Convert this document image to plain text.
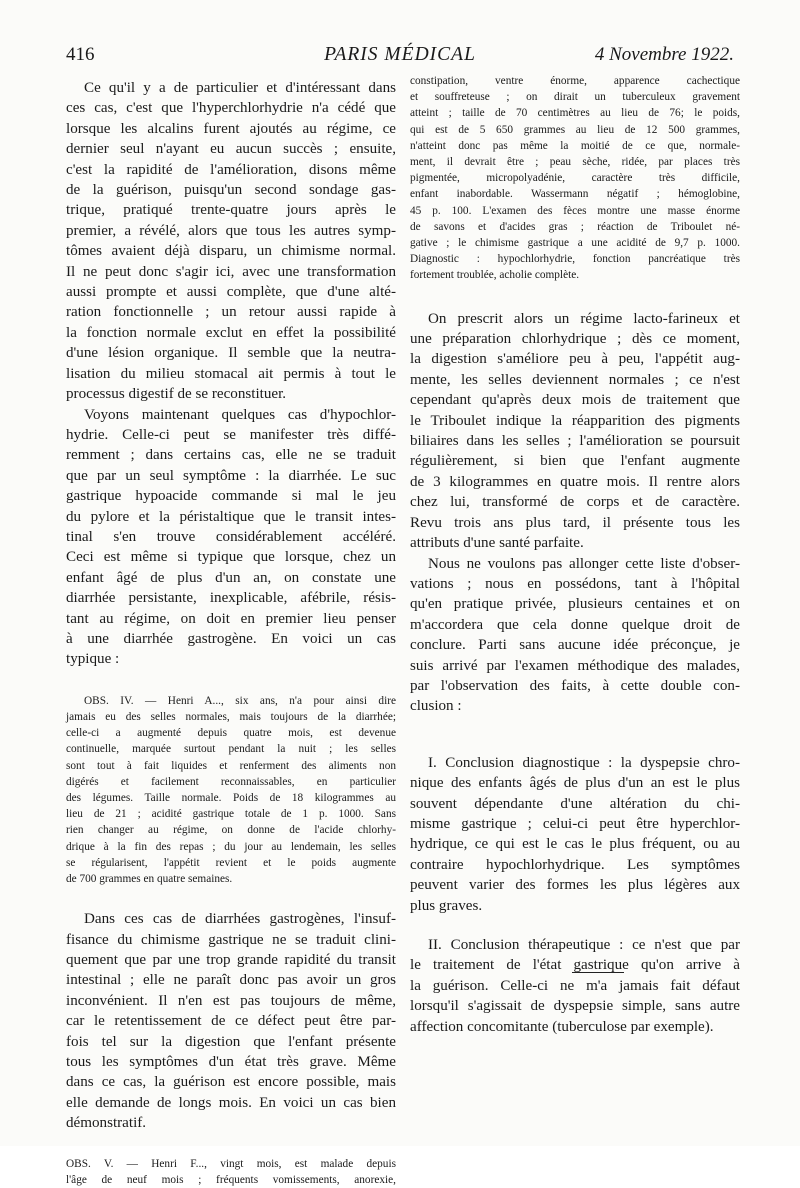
416	PARIS MÉDICAL	4 Novembre 1922.
Ce qu'il y a de particulier et d'intéressant dans
ces cas, c'est que l'hyperchlorhydrie n'a cédé que
lorsque les alcalins furent ajoutés au régime, ce
dernier seul n'ayant eu aucun succès ; ensuite,
c'est la rapidité de l'amélioration, disons même
de la guérison, puisqu'un second sondage gas-
trique, pratiqué trente-quatre jours après le
premier, a révélé, alors que tous les autres symp-
tômes avaient déjà disparu, un chimisme normal.
Il ne peut donc s'agir ici, avec une transformation
aussi prompte et aussi complète, que d'une alté-
ration fonctionnelle ; un retour aussi rapide à
la fonction normale exclut en effet la possibilité
d'une lésion organique. Il semble que la neutra-
lisation du milieu stomacal ait permis à tout le
processus digestif de se reconstituer.
Voyons maintenant quelques cas d'hypochlor-
hydrie. Celle-ci peut se manifester très diffé-
remment ; dans certains cas, elle ne se traduit
que par un seul symptôme : la diarrhée. Le suc
gastrique hypoacide commande si mal le jeu
du pylore et la péristaltique que le transit intes-
tinal s'en trouve considérablement accéléré.
Ceci est même si typique que lorsque, chez un
enfant âgé de plus d'un an, on constate une
diarrhée persistante, inexplicable, afébrile, résis-
tant au régime, on doit en premier lieu penser
à une diarrhée gastrogène. En voici un cas
typique :
OBS. IV. — Henri A..., six ans, n'a pour ainsi dire
jamais eu des selles normales, mais toujours de la diarrhée;
celle-ci a augmenté depuis quatre mois, est devenue
continuelle, marquée surtout pendant la nuit ; les selles
sont tout à fait liquides et renferment des aliments non
digérés et facilement reconnaissables, en particulier
des légumes. Taille normale. Poids de 18 kilogrammes au
lieu de 21 ; acidité gastrique totale de 1 p. 1000. Sans
rien changer au régime, on donne de l'acide chlorhy-
drique à la fin des repas ; du jour au lendemain, les selles
se régularisent, l'appétit revient et le poids augmente
de 700 grammes en quatre semaines.
Dans ces cas de diarrhées gastrogènes, l'insuf-
fisance du chimisme gastrique ne se traduit clini-
quement que par une trop grande rapidité du transit
intestinal ; elle ne paraît donc pas avoir un gros
inconvénient. Il n'en est pas toujours de même,
car le retentissement de ce défect peut être par-
fois tel sur la digestion que l'enfant présente
tous les symptômes d'un état très grave. Même
dans ce cas, la guérison est encore possible, mais
elle demande de longs mois. En voici un cas bien
démonstratif.
OBS. V. — Henri F..., vingt mois, est malade depuis
l'âge de neuf mois ; fréquents vomissements, anorexie,
constipation, ventre énorme, apparence cachectique
et souffreteuse ; on dirait un tuberculeux gravement
atteint ; taille de 70 centimètres au lieu de 76; le poids,
qui est de 5 650 grammes au lieu de 12 500 grammes,
n'atteint donc pas même la moitié de ce que, normale-
ment, il devrait être ; peau sèche, ridée, par places très
pigmentée, micropolyadénie, caractère très difficile,
enfant inabordable. Wassermann négatif ; hémoglobine,
45 p. 100. L'examen des fèces montre une masse énorme
de savons et d'acides gras ; réaction de Triboulet né-
gative ; le chimisme gastrique a une acidité de 9,7 p. 1000.
Diagnostic : hypochlorhydrie, fonction pancréatique très
fortement troublée, acholie complète.
On prescrit alors un régime lacto-farineux et
une préparation chlorhydrique ; dès ce moment,
la digestion s'améliore peu à peu, l'appétit aug-
mente, les selles deviennent normales ; ce n'est
cependant qu'après deux mois de traitement que
le Triboulet indique la réapparition des pigments
biliaires dans les selles ; l'amélioration se poursuit
régulièrement, si bien que l'enfant augmente
de 3 kilogrammes en quatre mois. Il rentre alors
chez lui, transformé de corps et de caractère.
Revu trois ans plus tard, il présente tous les
attributs d'une santé parfaite.
Nous ne voulons pas allonger cette liste d'obser-
vations ; nous en possédons, tant à l'hôpital
qu'en pratique privée, plusieurs centaines et on
m'accordera que cela donne quelque droit de
conclure. Parti sans aucune idée préconçue, je
suis arrivé par l'examen méthodique des malades,
par l'observation des faits, à cette double con-
clusion :
I. Conclusion diagnostique : la dyspepsie chro-
nique des enfants âgés de plus d'un an est le plus
souvent dépendante d'une altération du chi-
misme gastrique ; celui-ci peut être hyperchlor-
hydrique, ce qui est le cas le plus fréquent, ou au
contraire hypochlorhydrique. Les symptômes
peuvent varier des formes les plus légères aux
plus graves.
II. Conclusion thérapeutique : ce n'est que par
le traitement de l'état gastrique qu'on arrive à
la guérison. Celle-ci ne m'a jamais fait défaut
lorsqu'il s'agissait de dyspepsie simple, sans autre
affection concomitante (tuberculose par exemple).
